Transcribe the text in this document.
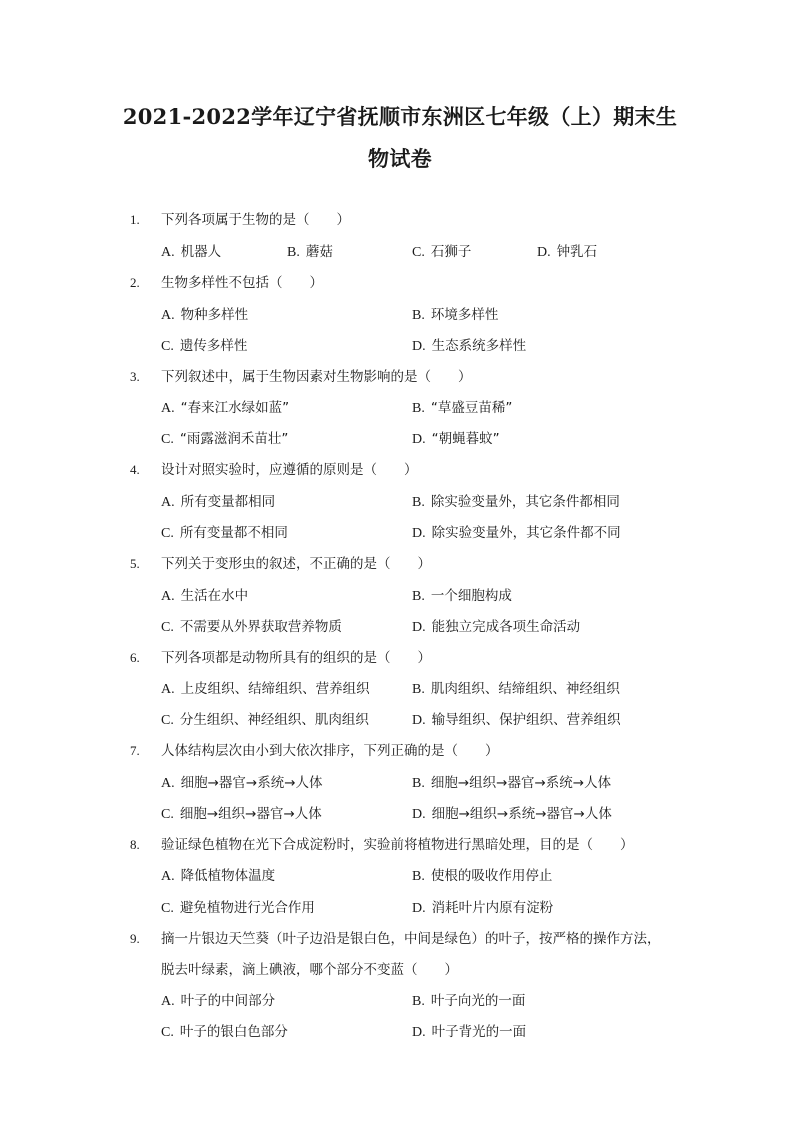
2021-2022学年辽宁省抚顺市东洲区七年级（上）期末生
物试卷
1. 下列各项属于生物的是（　　）
A. 机器人	B. 蘑菇	C. 石狮子	D. 钟乳石
2. 生物多样性不包括（　　）
A. 物种多样性	B. 环境多样性
C. 遗传多样性	D. 生态系统多样性
3. 下列叙述中，属于生物因素对生物影响的是（　　）
A. “春来江水绿如蓝”	B. “草盛豆苗稀”
C. “雨露滋润禾苗壮”	D. “朝蝇暮蚊”
4. 设计对照实验时，应遵循的原则是（　　）
A. 所有变量都相同	B. 除实验变量外，其它条件都相同
C. 所有变量都不相同	D. 除实验变量外，其它条件都不同
5. 下列关于变形虫的叙述，不正确的是（　　）
A. 生活在水中	B. 一个细胞构成
C. 不需要从外界获取营养物质	D. 能独立完成各项生命活动
6. 下列各项都是动物所具有的组织的是（　　）
A. 上皮组织、结缔组织、营养组织	B. 肌肉组织、结缔组织、神经组织
C. 分生组织、神经组织、肌肉组织	D. 输导组织、保护组织、营养组织
7. 人体结构层次由小到大依次排序，下列正确的是（　　）
A. 细胞→器官→系统→人体	B. 细胞→组织→器官→系统→人体
C. 细胞→组织→器官→人体	D. 细胞→组织→系统→器官→人体
8. 验证绿色植物在光下合成淀粉时，实验前将植物进行黑暗处理，目的是（　　）
A. 降低植物体温度	B. 使根的吸收作用停止
C. 避免植物进行光合作用	D. 消耗叶片内原有淀粉
9. 摘一片银边天竺葵（叶子边沿是银白色，中间是绿色）的叶子，按严格的操作方法，
脱去叶绿素，滴上碘液，哪个部分不变蓝（　　）
A. 叶子的中间部分	B. 叶子向光的一面
C. 叶子的银白色部分	D. 叶子背光的一面
